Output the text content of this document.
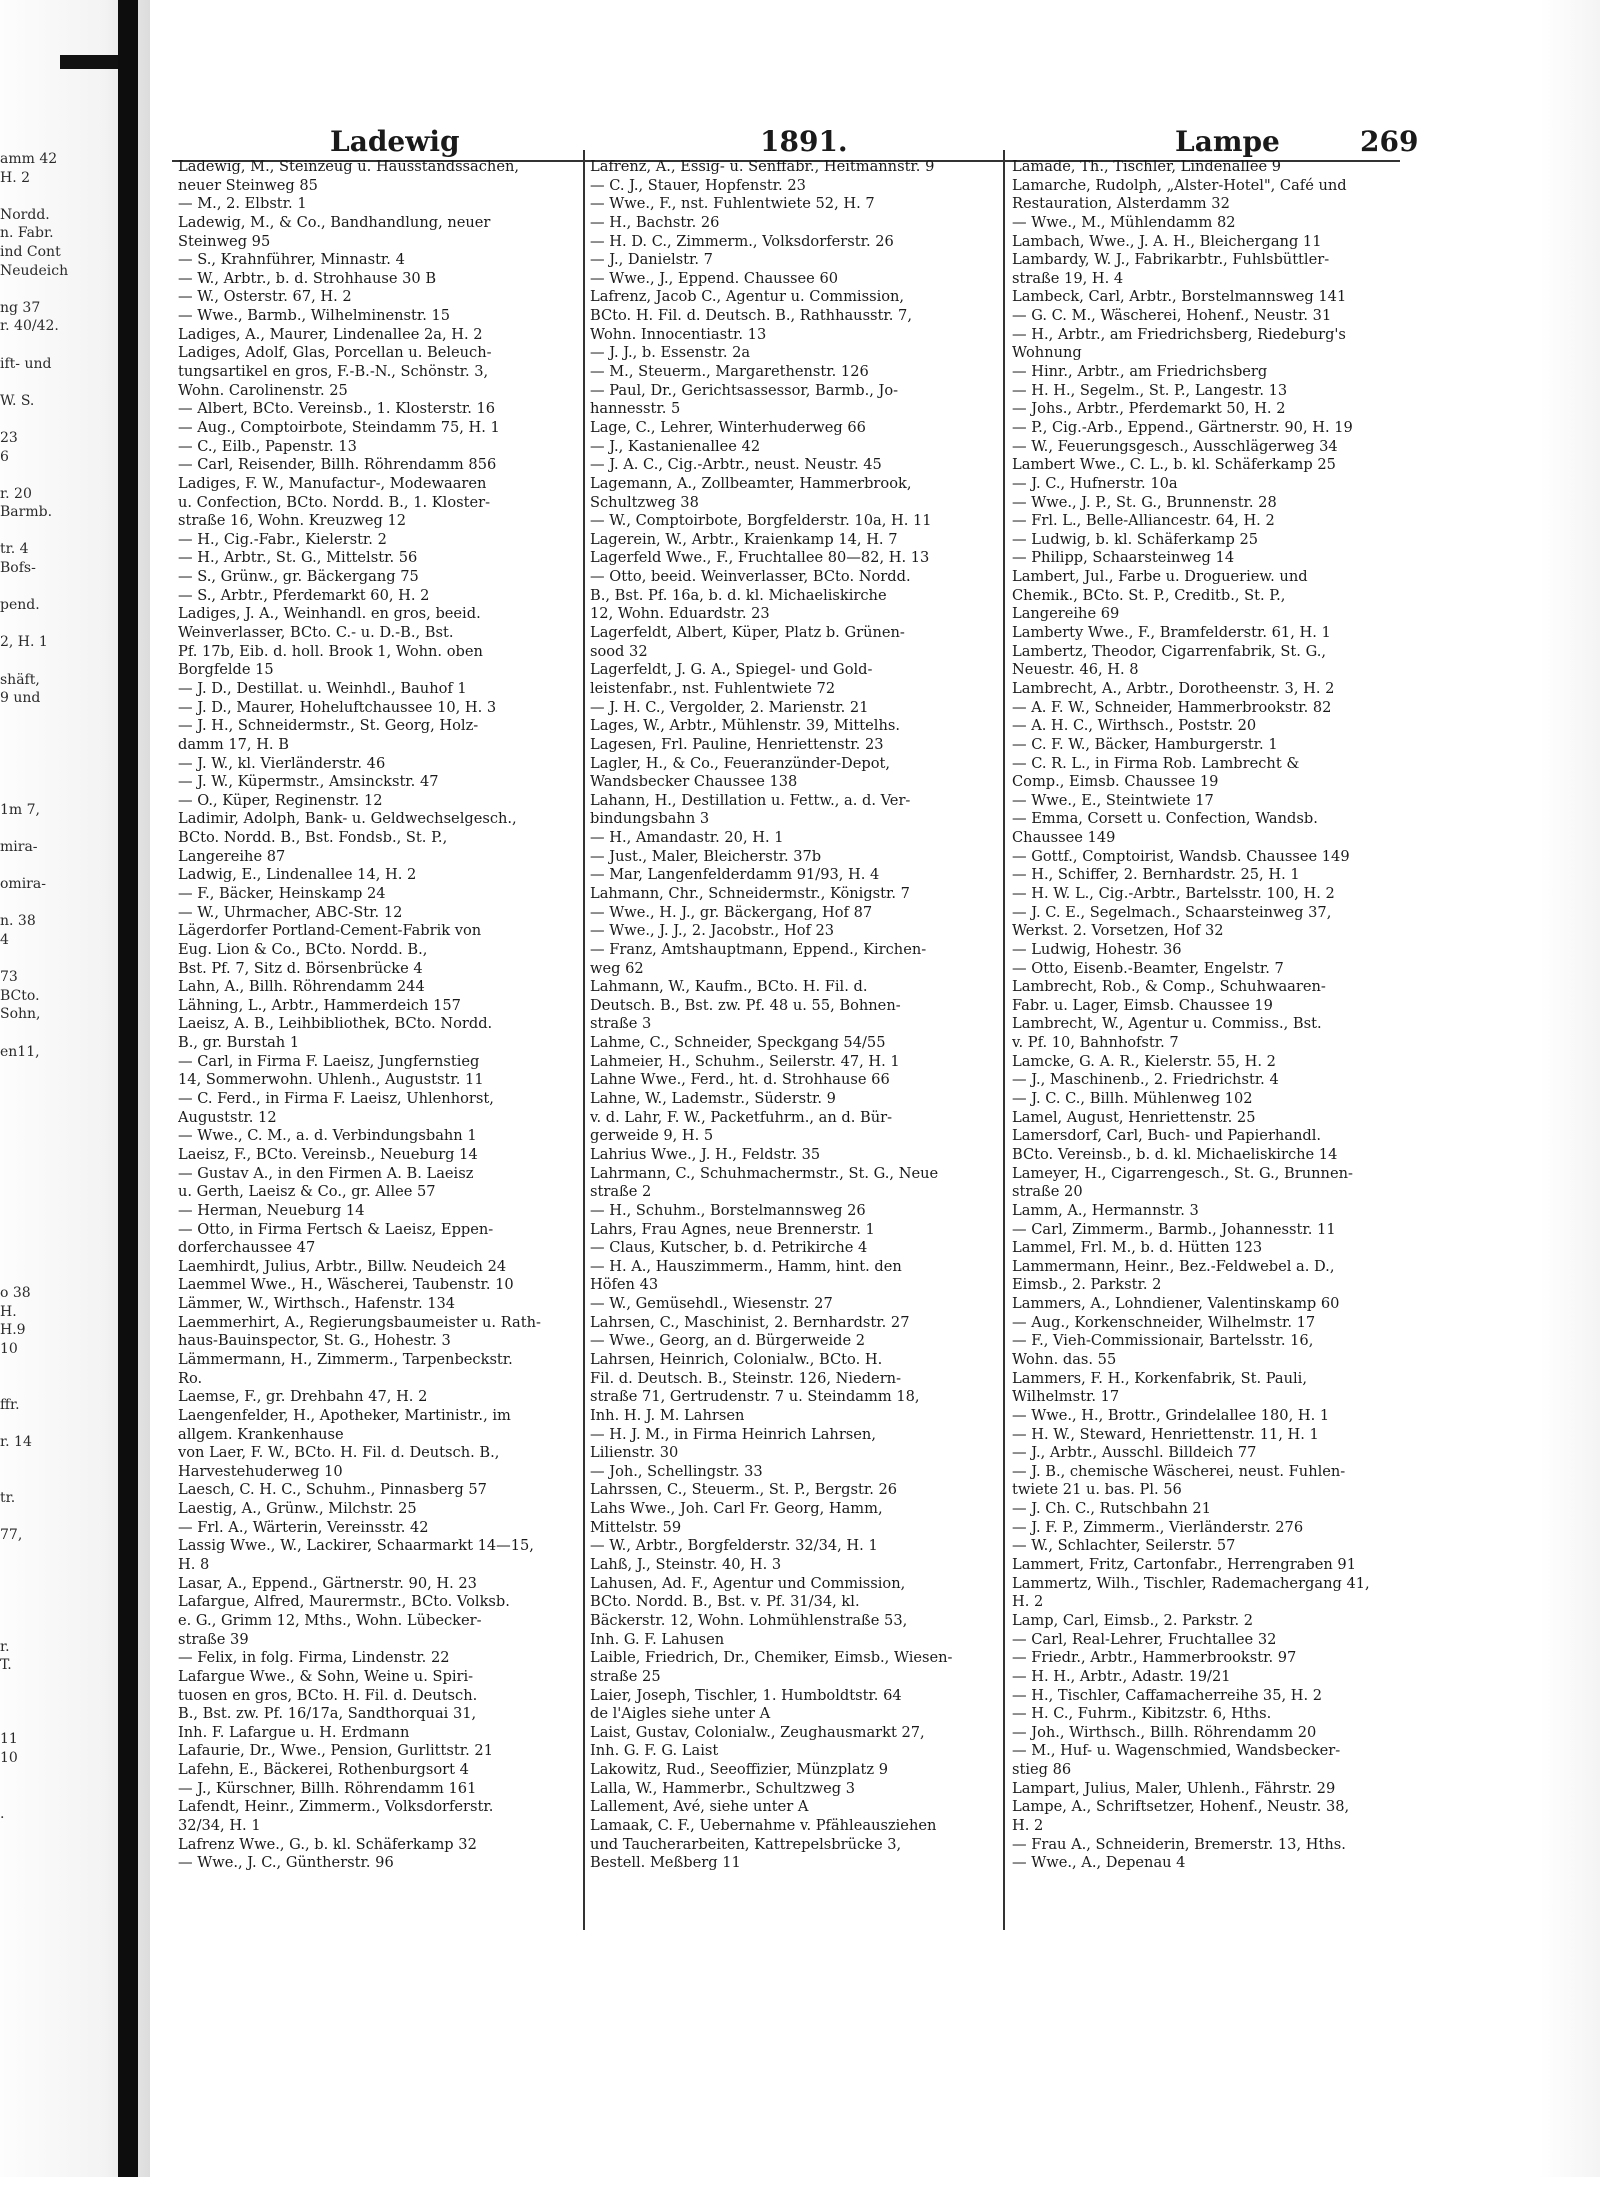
amm 42
H. 2
Nordd.
n. Fabr.
ind Cont
Neudeich
ng 37
r. 40/42.
ift- und
W. S.
23
6
r. 20
Barmb.
tr. 4
Bofs-
pend.
2, H. 1
shäft,
9 und
1m 7,
mira-
omira-
n. 38
4
73
BCto.
Sohn,
en11,
o 38
H.
H.9
10
ffr.
r. 14
tr.
77,
r.
T.
11
10
.
Ladewig	1891.	Lampe	269
Ladewig, M., Steinzeug u. Hausstandssachen,
neuer Steinweg 85
— M., 2. Elbstr. 1
Ladewig, M., & Co., Bandhandlung, neuer
Steinweg 95
— S., Krahnführer, Minnastr. 4
— W., Arbtr., b. d. Strohhause 30 B
— W., Osterstr. 67, H. 2
— Wwe., Barmb., Wilhelminenstr. 15
Ladiges, A., Maurer, Lindenallee 2a, H. 2
Ladiges, Adolf, Glas, Porcellan u. Beleuch-
tungsartikel en gros, F.-B.-N., Schönstr. 3,
Wohn. Carolinenstr. 25
— Albert, BCto. Vereinsb., 1. Klosterstr. 16
— Aug., Comptoirbote, Steindamm 75, H. 1
— C., Eilb., Papenstr. 13
— Carl, Reisender, Billh. Röhrendamm 856
Ladiges, F. W., Manufactur-, Modewaaren
u. Confection, BCto. Nordd. B., 1. Kloster-
straße 16, Wohn. Kreuzweg 12
— H., Cig.-Fabr., Kielerstr. 2
— H., Arbtr., St. G., Mittelstr. 56
— S., Grünw., gr. Bäckergang 75
— S., Arbtr., Pferdemarkt 60, H. 2
Ladiges, J. A., Weinhandl. en gros, beeid.
Weinverlasser, BCto. C.- u. D.-B., Bst.
Pf. 17b, Eib. d. holl. Brook 1, Wohn. oben
Borgfelde 15
— J. D., Destillat. u. Weinhdl., Bauhof 1
— J. D., Maurer, Hoheluftchaussee 10, H. 3
— J. H., Schneidermstr., St. Georg, Holz-
damm 17, H. B
— J. W., kl. Vierländerstr. 46
— J. W., Küpermstr., Amsinckstr. 47
— O., Küper, Reginenstr. 12
Ladimir, Adolph, Bank- u. Geldwechselgesch.,
BCto. Nordd. B., Bst. Fondsb., St. P.,
Langereihe 87
Ladwig, E., Lindenallee 14, H. 2
— F., Bäcker, Heinskamp 24
— W., Uhrmacher, ABC-Str. 12
Lägerdorfer Portland-Cement-Fabrik von
Eug. Lion & Co., BCto. Nordd. B.,
Bst. Pf. 7, Sitz d. Börsenbrücke 4
Lahn, A., Billh. Röhrendamm 244
Lähning, L., Arbtr., Hammerdeich 157
Laeisz, A. B., Leihbibliothek, BCto. Nordd.
B., gr. Burstah 1
— Carl, in Firma F. Laeisz, Jungfernstieg
14, Sommerwohn. Uhlenh., Auguststr. 11
— C. Ferd., in Firma F. Laeisz, Uhlenhorst,
Auguststr. 12
— Wwe., C. M., a. d. Verbindungsbahn 1
Laeisz, F., BCto. Vereinsb., Neueburg 14
— Gustav A., in den Firmen A. B. Laeisz
u. Gerth, Laeisz & Co., gr. Allee 57
— Herman, Neueburg 14
— Otto, in Firma Fertsch & Laeisz, Eppen-
dorferchaussee 47
Laemhirdt, Julius, Arbtr., Billw. Neudeich 24
Laemmel Wwe., H., Wäscherei, Taubenstr. 10
Lämmer, W., Wirthsch., Hafenstr. 134
Laemmerhirt, A., Regierungsbaumeister u. Rath-
haus-Bauinspector, St. G., Hohestr. 3
Lämmermann, H., Zimmerm., Tarpenbeckstr.
Ro.
Laemse, F., gr. Drehbahn 47, H. 2
Laengenfelder, H., Apotheker, Martinistr., im
allgem. Krankenhause
von Laer, F. W., BCto. H. Fil. d. Deutsch. B.,
Harvestehuderweg 10
Laesch, C. H. C., Schuhm., Pinnasberg 57
Laestig, A., Grünw., Milchstr. 25
— Frl. A., Wärterin, Vereinsstr. 42
Lassig Wwe., W., Lackirer, Schaarmarkt 14—15,
H. 8
Lasar, A., Eppend., Gärtnerstr. 90, H. 23
Lafargue, Alfred, Maurermstr., BCto. Volksb.
e. G., Grimm 12, Mths., Wohn. Lübecker-
straße 39
— Felix, in folg. Firma, Lindenstr. 22
Lafargue Wwe., & Sohn, Weine u. Spiri-
tuosen en gros, BCto. H. Fil. d. Deutsch.
B., Bst. zw. Pf. 16/17a, Sandthorquai 31,
Inh. F. Lafargue u. H. Erdmann
Lafaurie, Dr., Wwe., Pension, Gurlittstr. 21
Lafehn, E., Bäckerei, Rothenburgsort 4
— J., Kürschner, Billh. Röhrendamm 161
Lafendt, Heinr., Zimmerm., Volksdorferstr.
32/34, H. 1
Lafrenz Wwe., G., b. kl. Schäferkamp 32
— Wwe., J. C., Güntherstr. 96
Lafrenz, A., Essig- u. Senffabr., Heitmannstr. 9
— C. J., Stauer, Hopfenstr. 23
— Wwe., F., nst. Fuhlentwiete 52, H. 7
— H., Bachstr. 26
— H. D. C., Zimmerm., Volksdorferstr. 26
— J., Danielstr. 7
— Wwe., J., Eppend. Chaussee 60
Lafrenz, Jacob C., Agentur u. Commission,
BCto. H. Fil. d. Deutsch. B., Rathhausstr. 7,
Wohn. Innocentiastr. 13
— J. J., b. Essenstr. 2a
— M., Steuerm., Margarethenstr. 126
— Paul, Dr., Gerichtsassessor, Barmb., Jo-
hannesstr. 5
Lage, C., Lehrer, Winterhuderweg 66
— J., Kastanienallee 42
— J. A. C., Cig.-Arbtr., neust. Neustr. 45
Lagemann, A., Zollbeamter, Hammerbrook,
Schultzweg 38
— W., Comptoirbote, Borgfelderstr. 10a, H. 11
Lagerein, W., Arbtr., Kraienkamp 14, H. 7
Lagerfeld Wwe., F., Fruchtallee 80—82, H. 13
— Otto, beeid. Weinverlasser, BCto. Nordd.
B., Bst. Pf. 16a, b. d. kl. Michaeliskirche
12, Wohn. Eduardstr. 23
Lagerfeldt, Albert, Küper, Platz b. Grünen-
sood 32
Lagerfeldt, J. G. A., Spiegel- und Gold-
leistenfabr., nst. Fuhlentwiete 72
— J. H. C., Vergolder, 2. Marienstr. 21
Lages, W., Arbtr., Mühlenstr. 39, Mittelhs.
Lagesen, Frl. Pauline, Henriettenstr. 23
Lagler, H., & Co., Feueranzünder-Depot,
Wandsbecker Chaussee 138
Lahann, H., Destillation u. Fettw., a. d. Ver-
bindungsbahn 3
— H., Amandastr. 20, H. 1
— Just., Maler, Bleicherstr. 37b
— Mar, Langenfelderdamm 91/93, H. 4
Lahmann, Chr., Schneidermstr., Königstr. 7
— Wwe., H. J., gr. Bäckergang, Hof 87
— Wwe., J. J., 2. Jacobstr., Hof 23
— Franz, Amtshauptmann, Eppend., Kirchen-
weg 62
Lahmann, W., Kaufm., BCto. H. Fil. d.
Deutsch. B., Bst. zw. Pf. 48 u. 55, Bohnen-
straße 3
Lahme, C., Schneider, Speckgang 54/55
Lahmeier, H., Schuhm., Seilerstr. 47, H. 1
Lahne Wwe., Ferd., ht. d. Strohhause 66
Lahne, W., Lademstr., Süderstr. 9
v. d. Lahr, F. W., Packetfuhrm., an d. Bür-
gerweide 9, H. 5
Lahrius Wwe., J. H., Feldstr. 35
Lahrmann, C., Schuhmachermstr., St. G., Neue
straße 2
— H., Schuhm., Borstelmannsweg 26
Lahrs, Frau Agnes, neue Brennerstr. 1
— Claus, Kutscher, b. d. Petrikirche 4
— H. A., Hauszimmerm., Hamm, hint. den
Höfen 43
— W., Gemüsehdl., Wiesenstr. 27
Lahrsen, C., Maschinist, 2. Bernhardstr. 27
— Wwe., Georg, an d. Bürgerweide 2
Lahrsen, Heinrich, Colonialw., BCto. H.
Fil. d. Deutsch. B., Steinstr. 126, Niedern-
straße 71, Gertrudenstr. 7 u. Steindamm 18,
Inh. H. J. M. Lahrsen
— H. J. M., in Firma Heinrich Lahrsen,
Lilienstr. 30
— Joh., Schellingstr. 33
Lahrssen, C., Steuerm., St. P., Bergstr. 26
Lahs Wwe., Joh. Carl Fr. Georg, Hamm,
Mittelstr. 59
— W., Arbtr., Borgfelderstr. 32/34, H. 1
Lahß, J., Steinstr. 40, H. 3
Lahusen, Ad. F., Agentur und Commission,
BCto. Nordd. B., Bst. v. Pf. 31/34, kl.
Bäckerstr. 12, Wohn. Lohmühlenstraße 53,
Inh. G. F. Lahusen
Laible, Friedrich, Dr., Chemiker, Eimsb., Wiesen-
straße 25
Laier, Joseph, Tischler, 1. Humboldtstr. 64
de l'Aigles siehe unter A
Laist, Gustav, Colonialw., Zeughausmarkt 27,
Inh. G. F. G. Laist
Lakowitz, Rud., Seeoffizier, Münzplatz 9
Lalla, W., Hammerbr., Schultzweg 3
Lallement, Avé, siehe unter A
Lamaak, C. F., Uebernahme v. Pfähleausziehen
und Taucherarbeiten, Kattrepelsbrücke 3,
Bestell. Meßberg 11
Lamade, Th., Tischler, Lindenallee 9
Lamarche, Rudolph, „Alster-Hotel", Café und
Restauration, Alsterdamm 32
— Wwe., M., Mühlendamm 82
Lambach, Wwe., J. A. H., Bleichergang 11
Lambardy, W. J., Fabrikarbtr., Fuhlsbüttler-
straße 19, H. 4
Lambeck, Carl, Arbtr., Borstelmannsweg 141
— G. C. M., Wäscherei, Hohenf., Neustr. 31
— H., Arbtr., am Friedrichsberg, Riedeburg's
Wohnung
— Hinr., Arbtr., am Friedrichsberg
— H. H., Segelm., St. P., Langestr. 13
— Johs., Arbtr., Pferdemarkt 50, H. 2
— P., Cig.-Arb., Eppend., Gärtnerstr. 90, H. 19
— W., Feuerungsgesch., Ausschlägerweg 34
Lambert Wwe., C. L., b. kl. Schäferkamp 25
— J. C., Hufnerstr. 10a
— Wwe., J. P., St. G., Brunnenstr. 28
— Frl. L., Belle-Alliancestr. 64, H. 2
— Ludwig, b. kl. Schäferkamp 25
— Philipp, Schaarsteinweg 14
Lambert, Jul., Farbe u. Drogueriew. und
Chemik., BCto. St. P., Creditb., St. P.,
Langereihe 69
Lamberty Wwe., F., Bramfelderstr. 61, H. 1
Lambertz, Theodor, Cigarrenfabrik, St. G.,
Neuestr. 46, H. 8
Lambrecht, A., Arbtr., Dorotheenstr. 3, H. 2
— A. F. W., Schneider, Hammerbrookstr. 82
— A. H. C., Wirthsch., Poststr. 20
— C. F. W., Bäcker, Hamburgerstr. 1
— C. R. L., in Firma Rob. Lambrecht &
Comp., Eimsb. Chaussee 19
— Wwe., E., Steintwiete 17
— Emma, Corsett u. Confection, Wandsb.
Chaussee 149
— Gottf., Comptoirist, Wandsb. Chaussee 149
— H., Schiffer, 2. Bernhardstr. 25, H. 1
— H. W. L., Cig.-Arbtr., Bartelsstr. 100, H. 2
— J. C. E., Segelmach., Schaarsteinweg 37,
Werkst. 2. Vorsetzen, Hof 32
— Ludwig, Hohestr. 36
— Otto, Eisenb.-Beamter, Engelstr. 7
Lambrecht, Rob., & Comp., Schuhwaaren-
Fabr. u. Lager, Eimsb. Chaussee 19
Lambrecht, W., Agentur u. Commiss., Bst.
v. Pf. 10, Bahnhofstr. 7
Lamcke, G. A. R., Kielerstr. 55, H. 2
— J., Maschinenb., 2. Friedrichstr. 4
— J. C. C., Billh. Mühlenweg 102
Lamel, August, Henriettenstr. 25
Lamersdorf, Carl, Buch- und Papierhandl.
BCto. Vereinsb., b. d. kl. Michaeliskirche 14
Lameyer, H., Cigarrengesch., St. G., Brunnen-
straße 20
Lamm, A., Hermannstr. 3
— Carl, Zimmerm., Barmb., Johannesstr. 11
Lammel, Frl. M., b. d. Hütten 123
Lammermann, Heinr., Bez.-Feldwebel a. D.,
Eimsb., 2. Parkstr. 2
Lammers, A., Lohndiener, Valentinskamp 60
— Aug., Korkenschneider, Wilhelmstr. 17
— F., Vieh-Commissionair, Bartelsstr. 16,
Wohn. das. 55
Lammers, F. H., Korkenfabrik, St. Pauli,
Wilhelmstr. 17
— Wwe., H., Brottr., Grindelallee 180, H. 1
— H. W., Steward, Henriettenstr. 11, H. 1
— J., Arbtr., Ausschl. Billdeich 77
— J. B., chemische Wäscherei, neust. Fuhlen-
twiete 21 u. bas. Pl. 56
— J. Ch. C., Rutschbahn 21
— J. F. P., Zimmerm., Vierländerstr. 276
— W., Schlachter, Seilerstr. 57
Lammert, Fritz, Cartonfabr., Herrengraben 91
Lammertz, Wilh., Tischler, Rademachergang 41,
H. 2
Lamp, Carl, Eimsb., 2. Parkstr. 2
— Carl, Real-Lehrer, Fruchtallee 32
— Friedr., Arbtr., Hammerbrookstr. 97
— H. H., Arbtr., Adastr. 19/21
— H., Tischler, Caffamacherreihe 35, H. 2
— H. C., Fuhrm., Kibitzstr. 6, Hths.
— Joh., Wirthsch., Billh. Röhrendamm 20
— M., Huf- u. Wagenschmied, Wandsbecker-
stieg 86
Lampart, Julius, Maler, Uhlenh., Fährstr. 29
Lampe, A., Schriftsetzer, Hohenf., Neustr. 38,
H. 2
— Frau A., Schneiderin, Bremerstr. 13, Hths.
— Wwe., A., Depenau 4
